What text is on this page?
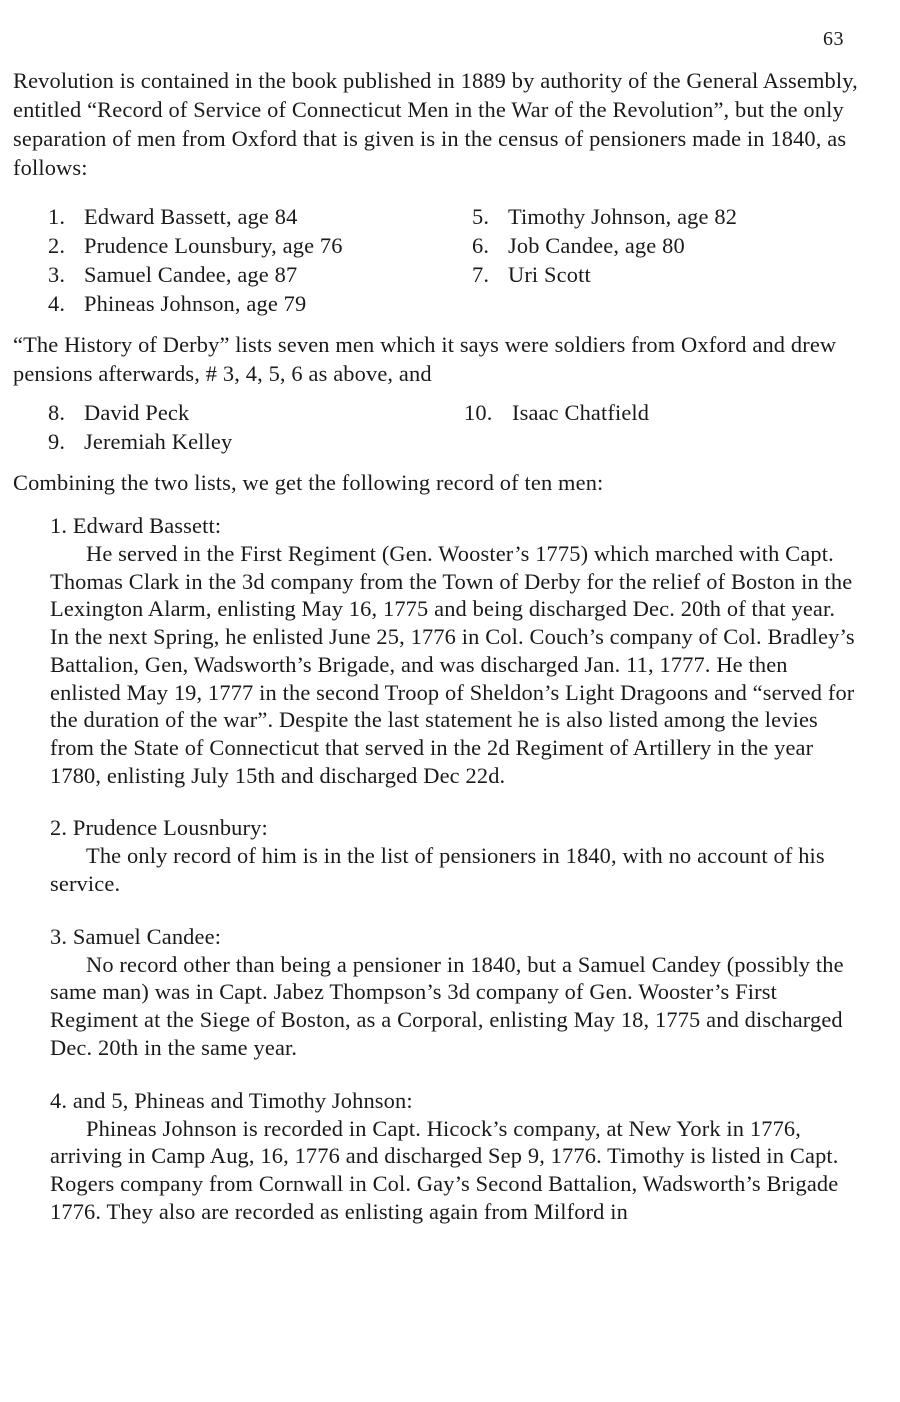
63

Revolution is contained in the book published in 1889 by authority of the General Assembly, entitled “Record of Service of Connecticut Men in the War of the Revolution”, but the only separation of men from Oxford that is given is in the census of pensioners made in 1840, as follows:

1. Edward Bassett, age 84
2. Prudence Lounsbury, age 76
3. Samuel Candee, age 87
4. Phineas Johnson, age 79
5. Timothy Johnson, age 82
6. Job Candee, age 80
7. Uri Scott

“The History of Derby” lists seven men which it says were soldiers from Oxford and drew pensions afterwards, # 3, 4, 5, 6 as above, and

8. David Peck
9. Jeremiah Kelley
10. Isaac Chatfield

Combining the two lists, we get the following record of ten men:

1. Edward Bassett:
He served in the First Regiment (Gen. Wooster’s 1775) which marched with Capt. Thomas Clark in the 3d company from the Town of Derby for the relief of Boston in the Lexington Alarm, enlisting May 16, 1775 and being discharged Dec. 20th of that year. In the next Spring, he enlisted June 25, 1776 in Col. Couch’s company of Col. Bradley’s Battalion, Gen, Wadsworth’s Brigade, and was discharged Jan. 11, 1777. He then enlisted May 19, 1777 in the second Troop of Sheldon’s Light Dragoons and “served for the duration of the war”. Despite the last statement he is also listed among the levies from the State of Connecticut that served in the 2d Regiment of Artillery in the year 1780, enlisting July 15th and discharged Dec 22d.
2. Prudence Lousnbury:
The only record of him is in the list of pensioners in 1840, with no account of his service.
3. Samuel Candee:
No record other than being a pensioner in 1840, but a Samuel Candey (possibly the same man) was in Capt. Jabez Thompson’s 3d company of Gen. Wooster’s First Regiment at the Siege of Boston, as a Corporal, enlisting May 18, 1775 and discharged Dec. 20th in the same year.
4. and 5, Phineas and Timothy Johnson:
Phineas Johnson is recorded in Capt. Hicock’s company, at New York in 1776, arriving in Camp Aug, 16, 1776 and discharged Sep 9, 1776. Timothy is listed in Capt. Rogers company from Cornwall in Col. Gay’s Second Battalion, Wadsworth’s Brigade 1776. They also are recorded as enlisting again from Milford in
